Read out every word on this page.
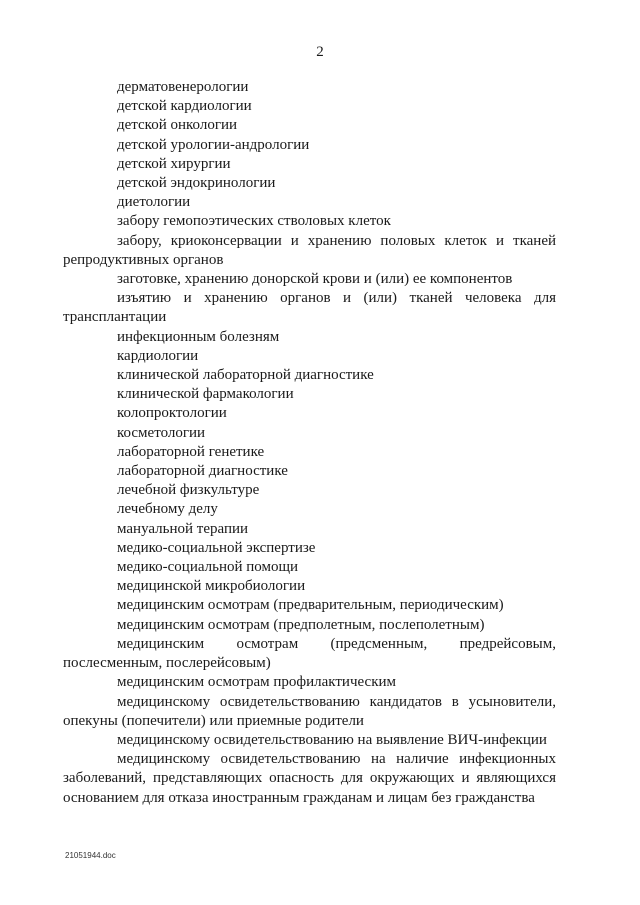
2

дерматовенерологии

детской кардиологии

детской онкологии

детской урологии-андрологии

детской хирургии

детской эндокринологии

диетологии

забору гемопоэтических стволовых клеток

забору, криоконсервации и хранению половых клеток и тканей репродуктивных органов

заготовке, хранению донорской крови и (или) ее компонентов

изъятию и хранению органов и (или) тканей человека для трансплантации

инфекционным болезням

кардиологии

клинической лабораторной диагностике

клинической фармакологии

колопроктологии

косметологии

лабораторной генетике

лабораторной диагностике

лечебной физкультуре

лечебному делу

мануальной терапии

медико-социальной экспертизе

медико-социальной помощи

медицинской микробиологии

медицинским осмотрам (предварительным, периодическим)

медицинским осмотрам (предполетным, послеполетным)

медицинским осмотрам (предсменным, предрейсовым, послесменным, послерейсовым)

медицинским осмотрам профилактическим

медицинскому освидетельствованию кандидатов в усыновители, опекуны (попечители) или приемные родители

медицинскому освидетельствованию на выявление ВИЧ-инфекции

медицинскому освидетельствованию на наличие инфекционных заболеваний, представляющих опасность для окружающих и являющихся основанием для отказа иностранным гражданам и лицам без гражданства

21051944.doc
